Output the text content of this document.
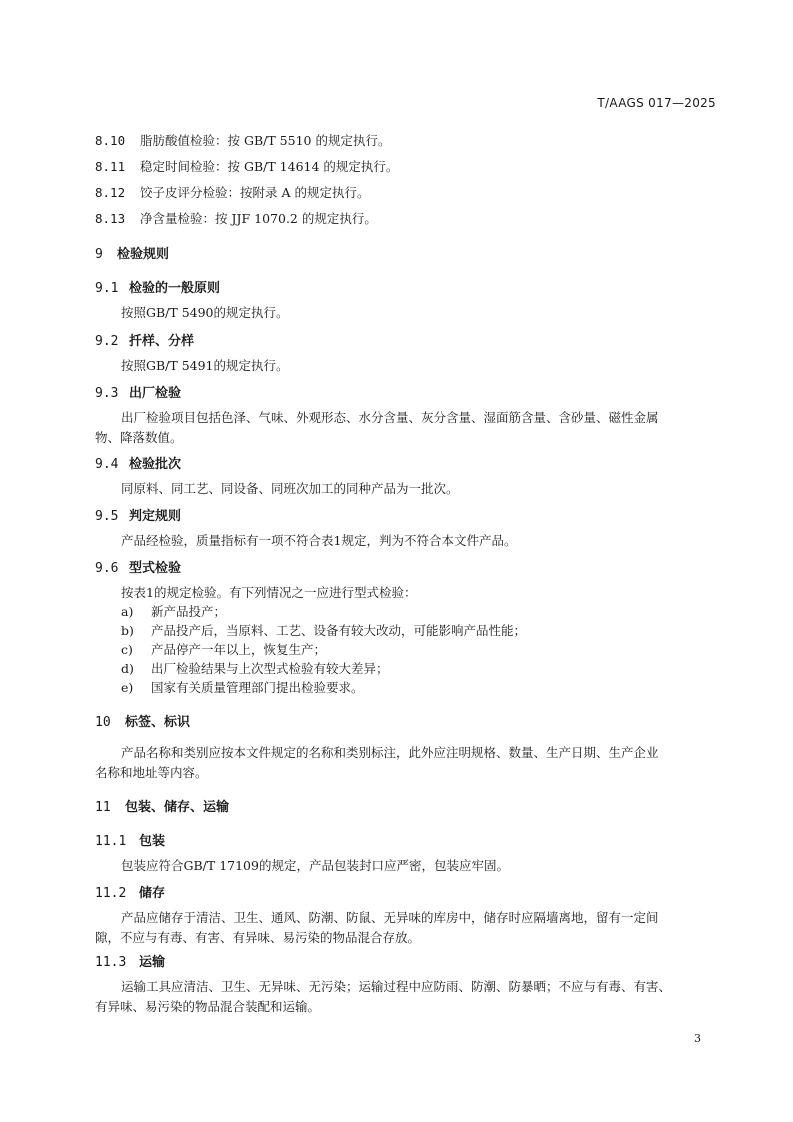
T/AAGS 017—2025
8.10 脂肪酸值检验：按 GB/T 5510 的规定执行。
8.11 稳定时间检验：按 GB/T 14614 的规定执行。
8.12 饺子皮评分检验：按附录 A 的规定执行。
8.13 净含量检验：按 JJF 1070.2 的规定执行。
9 检验规则
9.1 检验的一般原则
按照GB/T 5490的规定执行。
9.2 扦样、分样
按照GB/T 5491的规定执行。
9.3 出厂检验
出厂检验项目包括色泽、气味、外观形态、水分含量、灰分含量、湿面筋含量、含砂量、磁性金属
物、降落数值。
9.4 检验批次
同原料、同工艺、同设备、同班次加工的同种产品为一批次。
9.5 判定规则
产品经检验，质量指标有一项不符合表1规定，判为不符合本文件产品。
9.6 型式检验
按表1的规定检验。有下列情况之一应进行型式检验：
a) 新产品投产；
b) 产品投产后，当原料、工艺、设备有较大改动，可能影响产品性能；
c) 产品停产一年以上，恢复生产；
d) 出厂检验结果与上次型式检验有较大差异；
e) 国家有关质量管理部门提出检验要求。
10 标签、标识
产品名称和类别应按本文件规定的名称和类别标注，此外应注明规格、数量、生产日期、生产企业
名称和地址等内容。
11 包装、储存、运输
11.1 包装
包装应符合GB/T 17109的规定，产品包装封口应严密，包装应牢固。
11.2 储存
产品应储存于清洁、卫生、通风、防潮、防鼠、无异味的库房中，储存时应隔墙离地，留有一定间
隙，不应与有毒、有害、有异味、易污染的物品混合存放。
11.3 运输
运输工具应清洁、卫生、无异味、无污染；运输过程中应防雨、防潮、防暴晒；不应与有毒、有害、
有异味、易污染的物品混合装配和运输。
3
